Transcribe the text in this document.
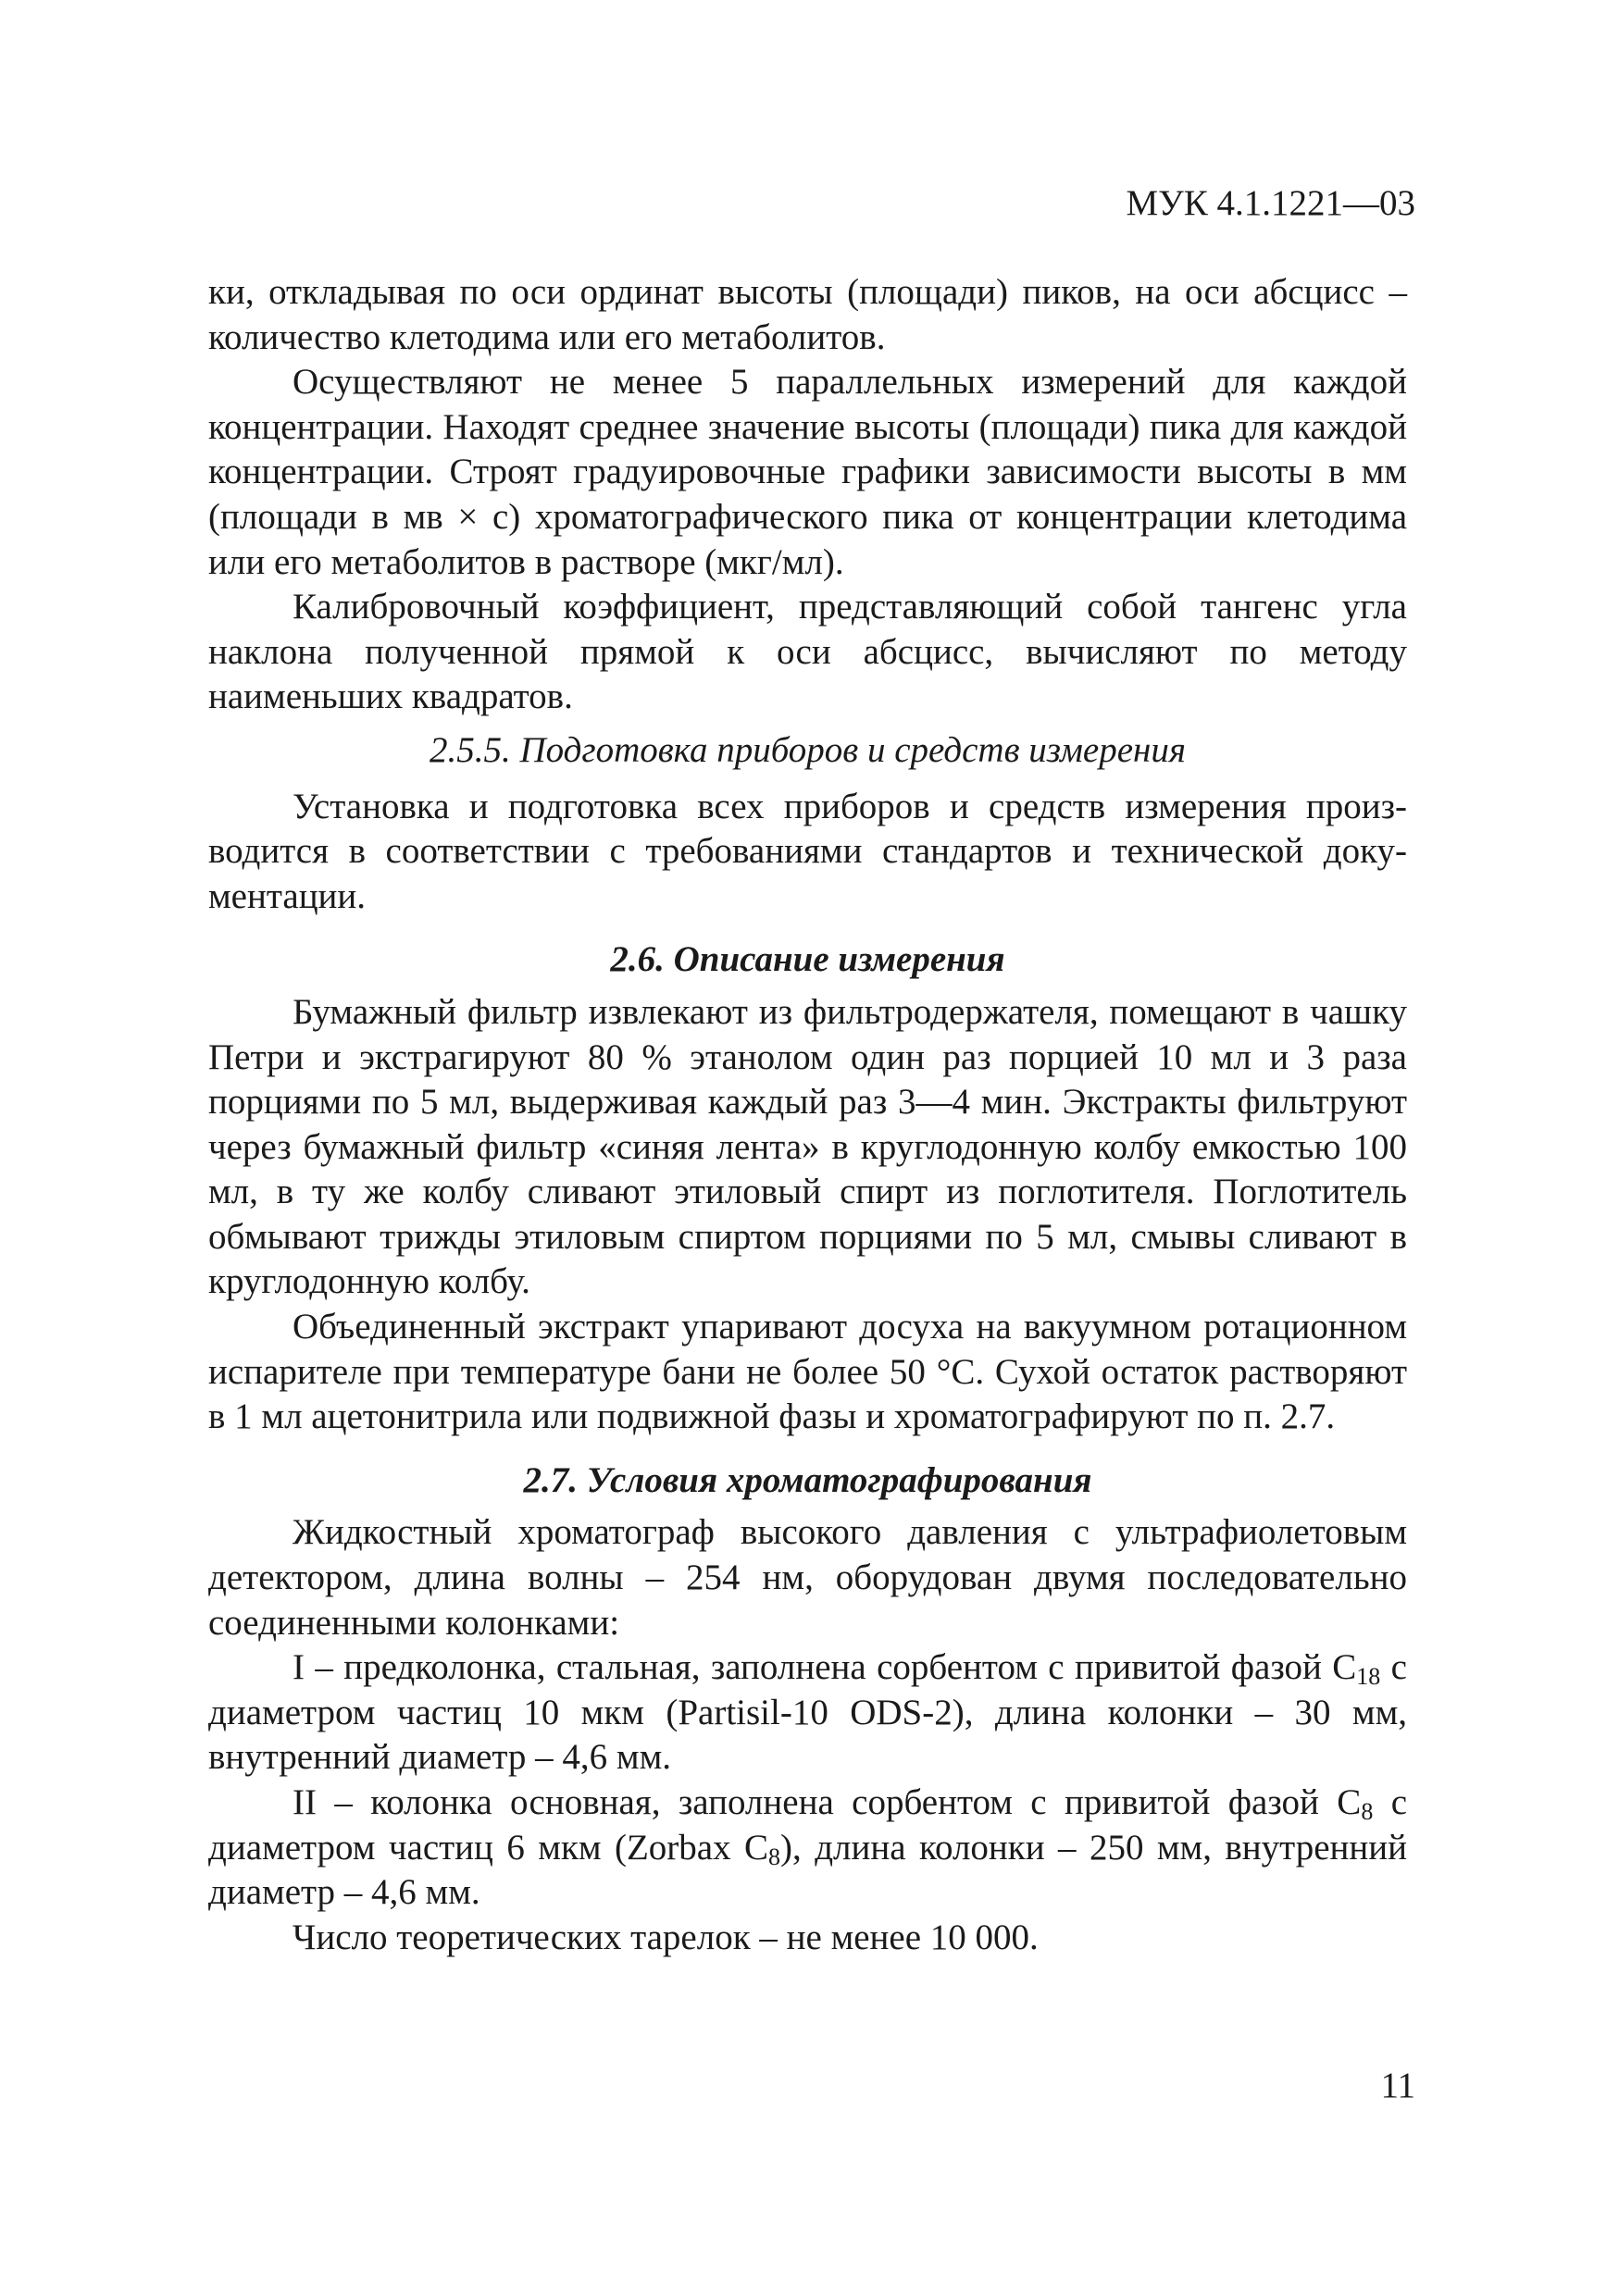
МУК 4.1.1221—03

ки, откладывая по оси ординат высоты (площади) пиков, на оси абсцисс – количество клетодима или его метаболитов.

Осуществляют не менее 5 параллельных измерений для каждой концентрации. Находят среднее значение высоты (площади) пика для каждой концентрации. Строят градуировочные графики зависимости высоты в мм (площади в мв × с) хроматографического пика от концентрации клетодима или его метаболитов в растворе (мкг/мл).

Калибровочный коэффициент, представляющий собой тангенс угла наклона полученной прямой к оси абсцисс, вычисляют по методу наименьших квадратов.

2.5.5. Подготовка приборов и средств измерения

Установка и подготовка всех приборов и средств измерения производится в соответствии с требованиями стандартов и технической документации.

2.6. Описание измерения

Бумажный фильтр извлекают из фильтродержателя, помещают в чашку Петри и экстрагируют 80 % этанолом один раз порцией 10 мл и 3 раза порциями по 5 мл, выдерживая каждый раз 3—4 мин. Экстракты фильтруют через бумажный фильтр «синяя лента» в круглодонную колбу емкостью 100 мл, в ту же колбу сливают этиловый спирт из поглотителя. Поглотитель обмывают трижды этиловым спиртом порциями по 5 мл, смывы сливают в круглодонную колбу.

Объединенный экстракт упаривают досуха на вакуумном ротационном испарителе при температуре бани не более 50 °С. Сухой остаток растворяют в 1 мл ацетонитрила или подвижной фазы и хроматографируют по п. 2.7.

2.7. Условия хроматографирования

Жидкостный хроматограф высокого давления с ультрафиолетовым детектором, длина волны – 254 нм, оборудован двумя последовательно соединенными колонками:

I – предколонка, стальная, заполнена сорбентом с привитой фазой $С_{18}$ с диаметром частиц 10 мкм (Partisil-10 ODS-2), длина колонки – 30 мм, внутренний диаметр – 4,6 мм.

II – колонка основная, заполнена сорбентом с привитой фазой $С_8$ с диаметром частиц 6 мкм (Zorbax $С_8$), длина колонки – 250 мм, внутренний диаметр – 4,6 мм.

Число теоретических тарелок – не менее 10 000.

11
